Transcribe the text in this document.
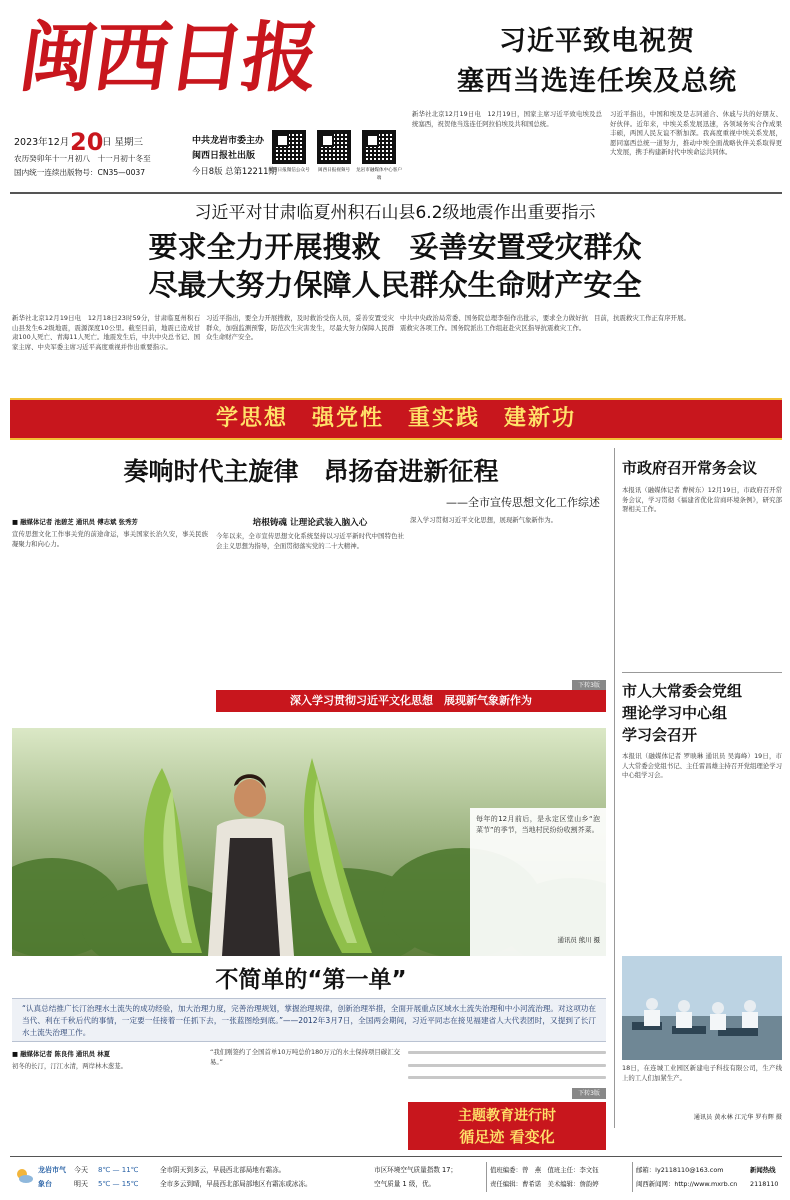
闽西日报
2023年12月 20
日 星期三
农历癸卯年十一月初八　十一月初十冬至
国内统一连续出版物号：CN35—0037
中共龙岩市委主办
闽西日报社出版
今日8版 总第12211期
闽西日报微信公众号	闽西日报视频号	龙岩市融媒体中心客户端
习近平致电祝贺
塞西当选连任埃及总统
新华社北京12月19日电　12月19日，国家主席习近平致电埃及总统塞西，祝贺他当选连任阿拉伯埃及共和国总统。
习近平指出，中国和埃及是志同道合、休戚与共的好朋友、好伙伴。近年来，中埃关系发展迅速，各领域务实合作成果丰硕，两国人民友谊不断加深。我高度重视中埃关系发展，愿同塞西总统一道努力，推动中埃全面战略伙伴关系取得更大发展，携手构建新时代中埃命运共同体。
习近平对甘肃临夏州积石山县6.2级地震作出重要指示
要求全力开展搜救　妥善安置受灾群众
尽最大努力保障人民群众生命财产安全
新华社北京12月19日电　12月18日23时59分，甘肃临夏州积石山县发生6.2级地震，震源深度10公里。截至目前，地震已造成甘肃100人死亡、青海11人死亡。地震发生后，中共中央总书记、国家主席、中央军委主席习近平高度重视并作出重要指示。
习近平指出，要全力开展搜救，及时救治受伤人员，妥善安置受灾群众，加强监测预警，防范次生灾害发生，尽最大努力保障人民群众生命财产安全。
中共中央政治局常委、国务院总理李强作出批示，要求全力做好抗震救灾各项工作。国务院派出工作组赶赴灾区指导抗震救灾工作。
目前，抗震救灾工作正有序开展。
学思想　强党性　重实践　建新功
奏响时代主旋律　昂扬奋进新征程
——全市宣传思想文化工作综述
■ 融媒体记者 池碧芝 通讯员 傅志斌 张秀芳
宣传思想文化工作事关党的前途命运，事关国家长治久安，事关民族凝聚力和向心力。
培根铸魂 让理论武装入脑入心
今年以来，全市宣传思想文化系统坚持以习近平新时代中国特色社会主义思想为指导，全面贯彻落实党的二十大精神。
深入学习贯彻习近平文化思想，展现新气象新作为。
下转3版
深入学习贯彻习近平文化思想　展现新气象新作为
每年的12月前后，是永定区堂山乡“泡菜节”的季节，当地村民纷纷收割芥菜。
通讯员 熊川 摄
不简单的“第一单”
“认真总结推广长汀治理水土流失的成功经验，加大治理力度，完善治理规划，掌握治理规律，创新治理举措，全面开展重点区域水土流失治理和中小河流治理。对这项功在当代、利在千秋后代的事情，一定要一任接着一任抓下去，一张蓝图绘到底。”——2012年3月7日，全国两会期间，习近平同志在接见福建省人大代表团时，又提到了长汀水土流失治理工作。
■ 融媒体记者 陈良伟 通讯员 林夏
初冬的长汀，汀江水清，两岸林木葱茏。
“我们刚签约了全国首单10万吨总价180万元的水土保持项目碳汇交易。”
下转3版
主题教育进行时
循足迹 看变化
市政府召开常务会议
本报讯（融媒体记者 曹树东）12月19日，市政府召开常务会议，学习贯彻《福建省优化营商环境条例》，研究部署相关工作。
市人大常委会党组
理论学习中心组
学习会召开
本报讯（融媒体记者 罗映琳 通讯员 吴海峰）19日，市人大常委会党组书记、主任雷昌雄主持召开党组理论学习中心组学习会。
18日，在连城工业园区新建电子科技有限公司，生产线上的工人们加紧生产。
通讯员 黄永林 江元华 罗有辉 摄
龙岩市气象台
今天	8℃ — 11℃
明天	5℃ — 15℃
全市阴天到多云，早晨西北部局地有霜冻。
全市多云到晴，早晨西北部局部地区有霜冻或冰冻。
市区环境空气质量指数 17；
空气质量 1 级，优。
值班编委：曾　燕　值班主任：李文钰
责任编辑：曹希诺　美术编辑：詹韵婷
邮箱：ly2118110@163.com
闽西新闻网：http://www.mxrb.cn
新闻热线
2118110
